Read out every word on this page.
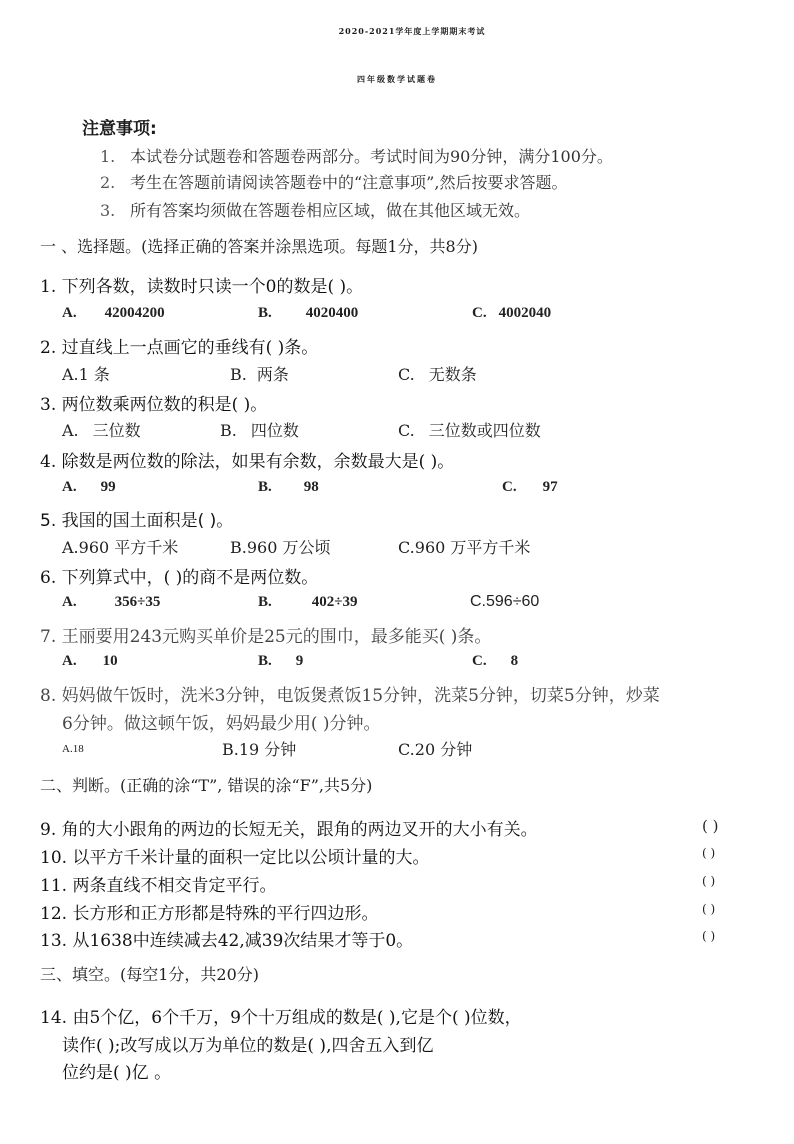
2020-2021学年度上学期期末考试
四年级数学试题卷
注意事项:
1. 本试卷分试题卷和答题卷两部分。考试时间为90分钟，满分100分。
2. 考生在答题前请阅读答题卷中的“注意事项”,然后按要求答题。
3. 所有答案均须做在答题卷相应区域，做在其他区域无效。
一 、选择题。(选择正确的答案并涂黑选项。每题1分，共8分)
1. 下列各数，读数时只读一个0的数是( )。
A. 42004200	B. 4020400	C. 4002040
2. 过直线上一点画它的垂线有( )条。
A.1 条	B. 两条	C. 无数条
3. 两位数乘两位数的积是( )。
A. 三位数	B. 四位数	C. 三位数或四位数
4. 除数是两位数的除法，如果有余数，余数最大是( )。
A. 99	B. 98	C. 97
5. 我国的国土面积是( )。
A.960 平方千米	B.960 万公顷	C.960 万平方千米
6. 下列算式中，( )的商不是两位数。
A.	356÷35	B.	402÷39	C.596÷60
7. 王丽要用243元购买单价是25元的围巾，最多能买( )条。
A. 10	B. 9	C. 8
8. 妈妈做午饭时，洗米3分钟，电饭煲煮饭15分钟，洗菜5分钟，切菜5分钟，炒菜
6分钟。做这顿午饭，妈妈最少用( )分钟。
A.18	B.19 分钟	C.20 分钟
二、判断。(正确的涂“T”, 错误的涂“F”,共5分)
9. 角的大小跟角的两边的长短无关，跟角的两边叉开的大小有关。	( )
10. 以平方千米计量的面积一定比以公顷计量的大。	( )
11. 两条直线不相交肯定平行。	( )
12. 长方形和正方形都是特殊的平行四边形。	( )
13. 从1638中连续减去42,减39次结果才等于0。	( )
三、填空。(每空1分，共20分)
14. 由5个亿，6个千万，9个十万组成的数是( ),它是个( )位数，
读作( );改写成以万为单位的数是( ),四舍五入到亿
位约是( )亿 。
